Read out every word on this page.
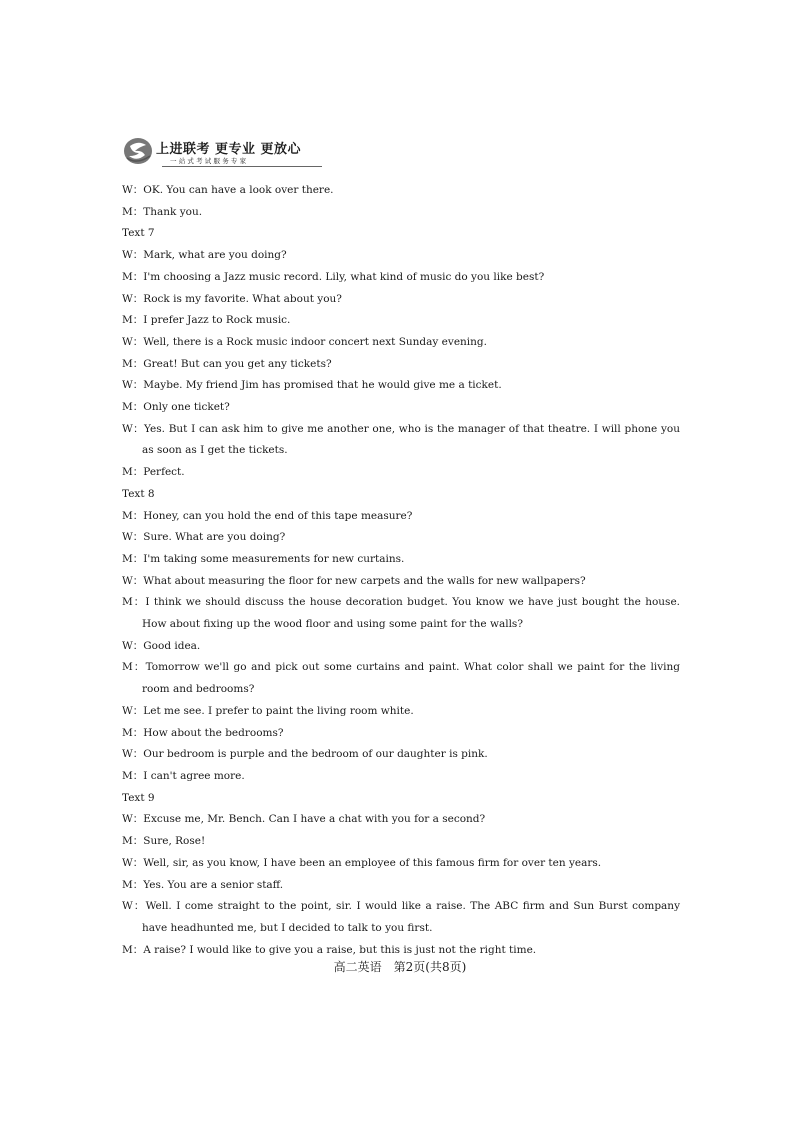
上进联考 更专业 更放心
一站式考试服务专家
W：OK. You can have a look over there.
M：Thank you.
Text 7
W：Mark, what are you doing?
M：I'm choosing a Jazz music record. Lily, what kind of music do you like best?
W：Rock is my favorite. What about you?
M：I prefer Jazz to Rock music.
W：Well, there is a Rock music indoor concert next Sunday evening.
M：Great! But can you get any tickets?
W：Maybe. My friend Jim has promised that he would give me a ticket.
M：Only one ticket?
W：Yes. But I can ask him to give me another one, who is the manager of that theatre. I will phone you as soon as I get the tickets.
M：Perfect.
Text 8
M：Honey, can you hold the end of this tape measure?
W：Sure. What are you doing?
M：I'm taking some measurements for new curtains.
W：What about measuring the floor for new carpets and the walls for new wallpapers?
M：I think we should discuss the house decoration budget. You know we have just bought the house. How about fixing up the wood floor and using some paint for the walls?
W：Good idea.
M：Tomorrow we'll go and pick out some curtains and paint. What color shall we paint for the living room and bedrooms?
W：Let me see. I prefer to paint the living room white.
M：How about the bedrooms?
W：Our bedroom is purple and the bedroom of our daughter is pink.
M：I can't agree more.
Text 9
W：Excuse me, Mr. Bench. Can I have a chat with you for a second?
M：Sure, Rose!
W：Well, sir, as you know, I have been an employee of this famous firm for over ten years.
M：Yes. You are a senior staff.
W：Well. I come straight to the point, sir. I would like a raise. The ABC firm and Sun Burst company have headhunted me, but I decided to talk to you first.
M：A raise? I would like to give you a raise, but this is just not the right time.
高二英语　第2页(共8页)
